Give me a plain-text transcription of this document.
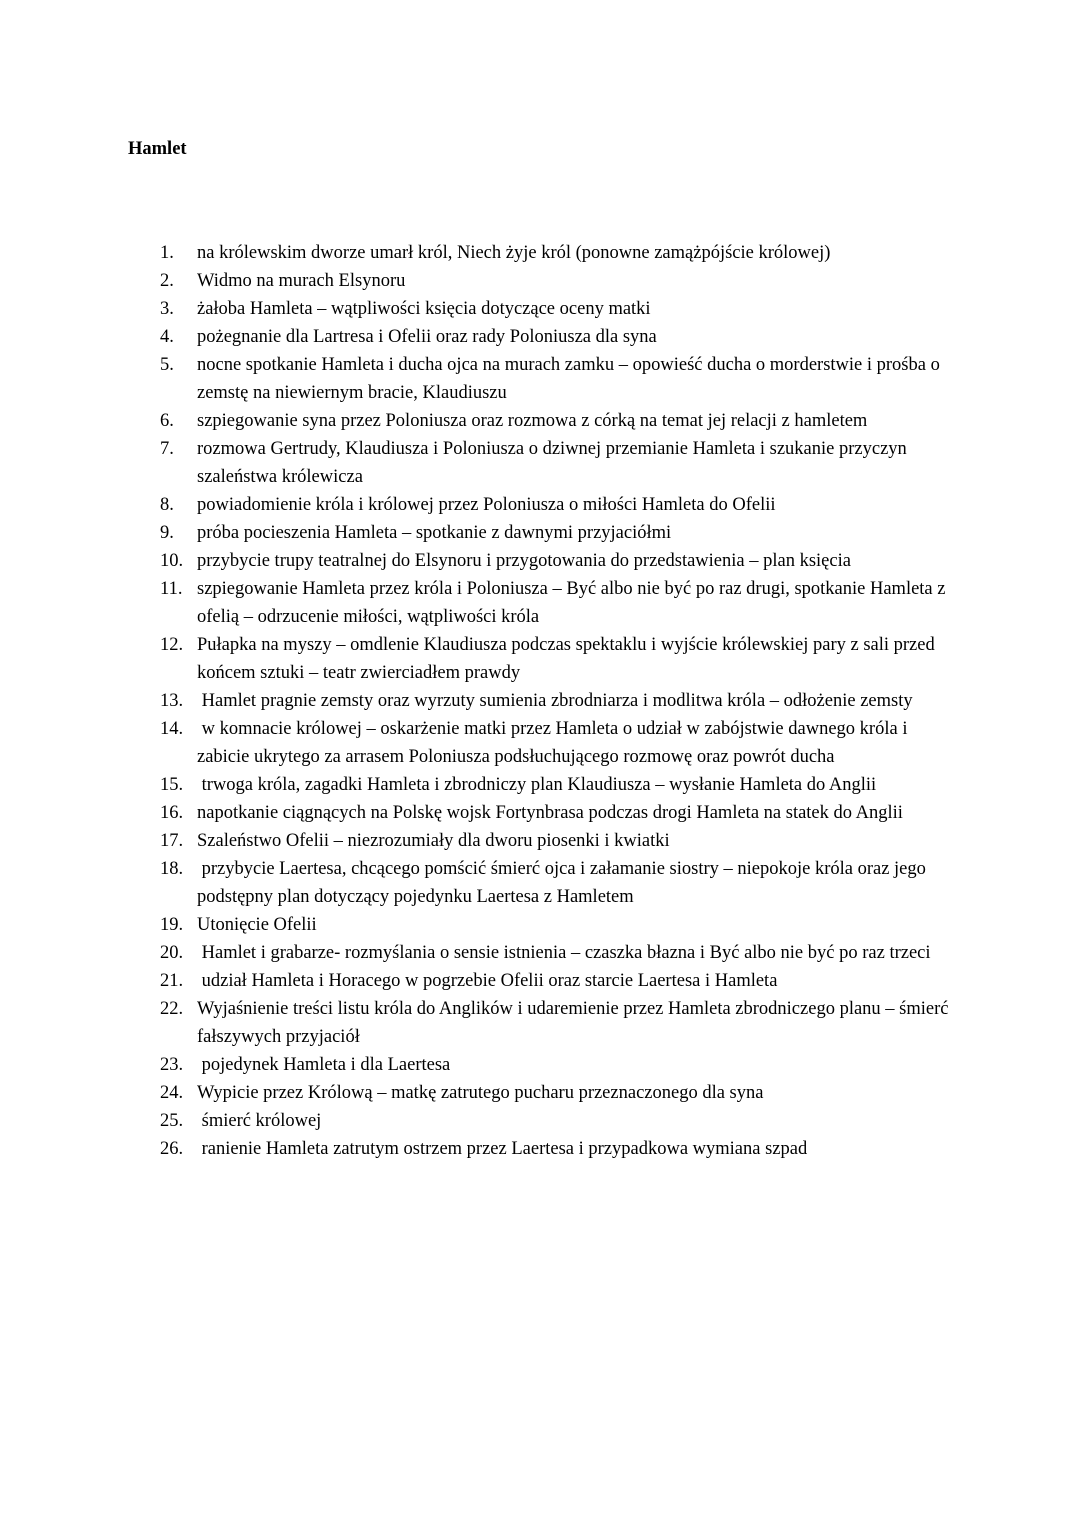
Hamlet
1.	na królewskim dworze umarł król, Niech żyje król (ponowne zamążpójście królowej)
2.	Widmo na murach Elsynoru
3.	żałoba Hamleta – wątpliwości księcia dotyczące oceny matki
4.	pożegnanie dla Lartresa i Ofelii oraz rady Poloniusza dla syna
5.	nocne spotkanie Hamleta i ducha ojca na murach zamku – opowieść ducha o morderstwie i prośba o zemstę na niewiernym bracie, Klaudiuszu
6.	szpiegowanie syna przez Poloniusza oraz rozmowa z córką na temat jej relacji z hamletem
7.	rozmowa Gertrudy, Klaudiusza i Poloniusza o dziwnej przemianie Hamleta i szukanie przyczyn szaleństwa królewicza
8.	powiadomienie króla i królowej przez Poloniusza o miłości Hamleta do Ofelii
9.	próba pocieszenia Hamleta – spotkanie z dawnymi przyjaciółmi
10. przybycie trupy teatralnej do Elsynoru i przygotowania do przedstawienia – plan księcia
11. szpiegowanie Hamleta przez króla i Poloniusza – Być albo nie być po raz drugi, spotkanie Hamleta z ofelią – odrzucenie miłości, wątpliwości króla
12. Pułapka na myszy – omdlenie Klaudiusza podczas spektaklu i wyjście królewskiej pary z sali przed końcem sztuki – teatr zwierciadłem prawdy
13. Hamlet pragnie zemsty oraz wyrzuty sumienia zbrodniarza i modlitwa króla – odłożenie zemsty
14. w komnacie królowej – oskarżenie matki przez Hamleta o udział w zabójstwie dawnego króla i zabicie ukrytego za arrasem Poloniusza podsłuchującego rozmowę oraz powrót ducha
15. trwoga króla, zagadki Hamleta i zbrodniczy plan Klaudiusza – wysłanie Hamleta do Anglii
16. napotkanie ciągnących na Polskę wojsk Fortynbrasa podczas drogi Hamleta na statek do Anglii
17. Szaleństwo Ofelii – niezrozumiały dla dworu piosenki i kwiatki
18. przybycie Laertesa, chcącego pomścić śmierć ojca i załamanie siostry – niepokoje króla oraz jego podstępny plan dotyczący pojedynku Laertesa z Hamletem
19. Utonięcie Ofelii
20. Hamlet i grabarze- rozmyślania o sensie istnienia – czaszka błazna i Być albo nie być po raz trzeci
21. udział Hamleta i Horacego w pogrzebie Ofelii oraz starcie Laertesa i Hamleta
22. Wyjaśnienie treści listu króla do Anglików i udaremienie przez Hamleta zbrodniczego planu – śmierć fałszywych przyjaciół
23. pojedynek Hamleta i dla Laertesa
24. Wypicie przez Królową – matkę zatrutego pucharu przeznaczonego dla syna
25. śmierć królowej
26. ranienie Hamleta zatrutym ostrzem przez Laertesa i przypadkowa wymiana szpad
